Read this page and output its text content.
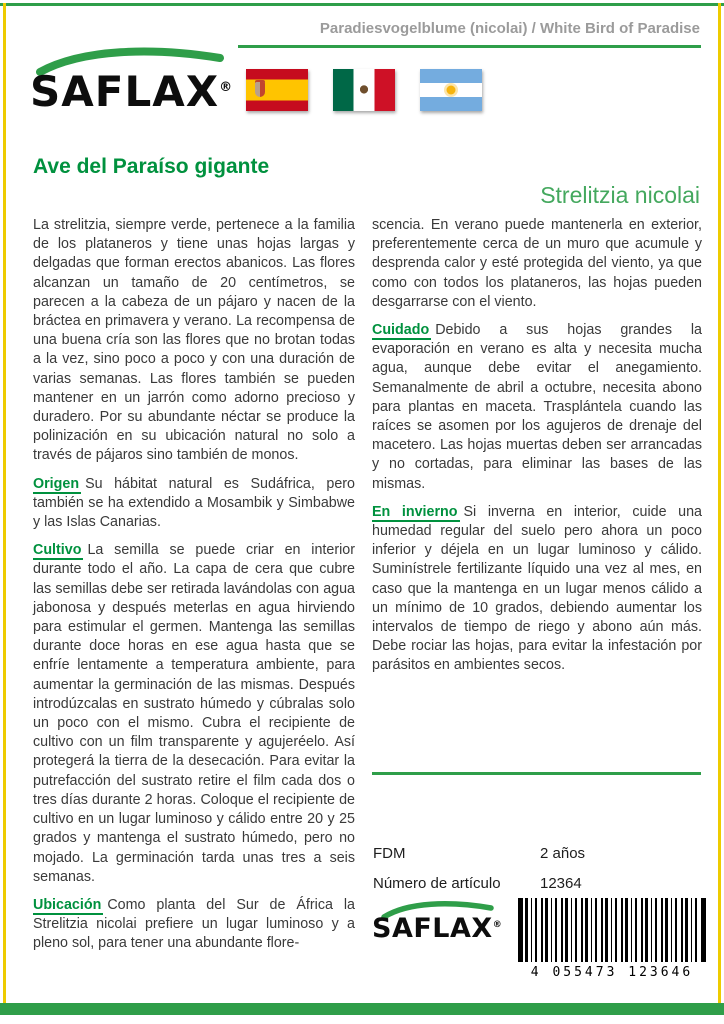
Paradiesvogelblume (nicolai) / White Bird of Paradise
SAFLAX®
Ave del Paraíso gigante
Strelitzia nicolai

La strelitzia, siempre verde, pertenece a la familia de los plataneros y tiene unas hojas largas y delgadas que forman erectos abanicos. Las flores alcanzan un tamaño de 20 centímetros, se parecen a la cabeza de un pájaro y nacen de la bráctea en primavera y verano. La recompensa de una buena cría son las flores que no brotan todas a la vez, sino poco a poco y con una duración de varias semanas. Las flores también se pueden mantener en un jarrón como adorno precioso y duradero. Por su abundante néctar se produce la polinización en su ubicación natural no solo a través de pájaros sino también de monos.

Origen Su hábitat natural es Sudáfrica, pero también se ha extendido a Mosambik y Simbabwe y las Islas Canarias.

Cultivo La semilla se puede criar en interior durante todo el año. La capa de cera que cubre las semillas debe ser retirada lavándolas con agua jabonosa y después meterlas en agua hirviendo para estimular el germen. Mantenga las semillas durante doce horas en ese agua hasta que se enfríe lentamente a temperatura ambiente, para aumentar la germinación de las mismas. Después introdúzcalas en sustrato húmedo y cúbralas solo un poco con el mismo. Cubra el recipiente de cultivo con un film transparente y agujeréelo. Así protegerá la tierra de la desecación. Para evitar la putrefacción del sustrato retire el film cada dos o tres días durante 2 horas. Coloque el recipiente de cultivo en un lugar luminoso y cálido entre 20 y 25 grados y mantenga el sustrato húmedo, pero no mojado. La germinación tarda unas tres a seis semanas.

Ubicación Como planta del Sur de África la Strelitzia nicolai prefiere un lugar luminoso y a pleno sol, para tener una abundante flore-

scencia. En verano puede mantenerla en exterior, preferentemente cerca de un muro que acumule y desprenda calor y esté protegida del viento, ya que como con todos los plataneros, las hojas pueden desgarrarse con el viento.

Cuidado Debido a sus hojas grandes la evaporación en verano es alta y necesita mucha agua, aunque debe evitar el anegamiento. Semanalmente de abril a octubre, necesita abono para plantas en maceta. Trasplántela cuando las raíces se asomen por los agujeros de drenaje del macetero. Las hojas muertas deben ser arrancadas y no cortadas, para eliminar las bases de las mismas.

En invierno Si inverna en interior, cuide una humedad regular del suelo pero ahora un poco inferior y déjela en un lugar luminoso y cálido. Suminístrele fertilizante líquido una vez al mes, en caso que la mantenga en un lugar menos cálido a un mínimo de 10 grados, debiendo aumentar los intervalos de tiempo de riego y abono aún más. Debe rociar las hojas, para evitar la infestación por parásitos en ambientes secos.

FDM	2 años
Número de artículo	12364
SAFLAX®
4 055473 123646
